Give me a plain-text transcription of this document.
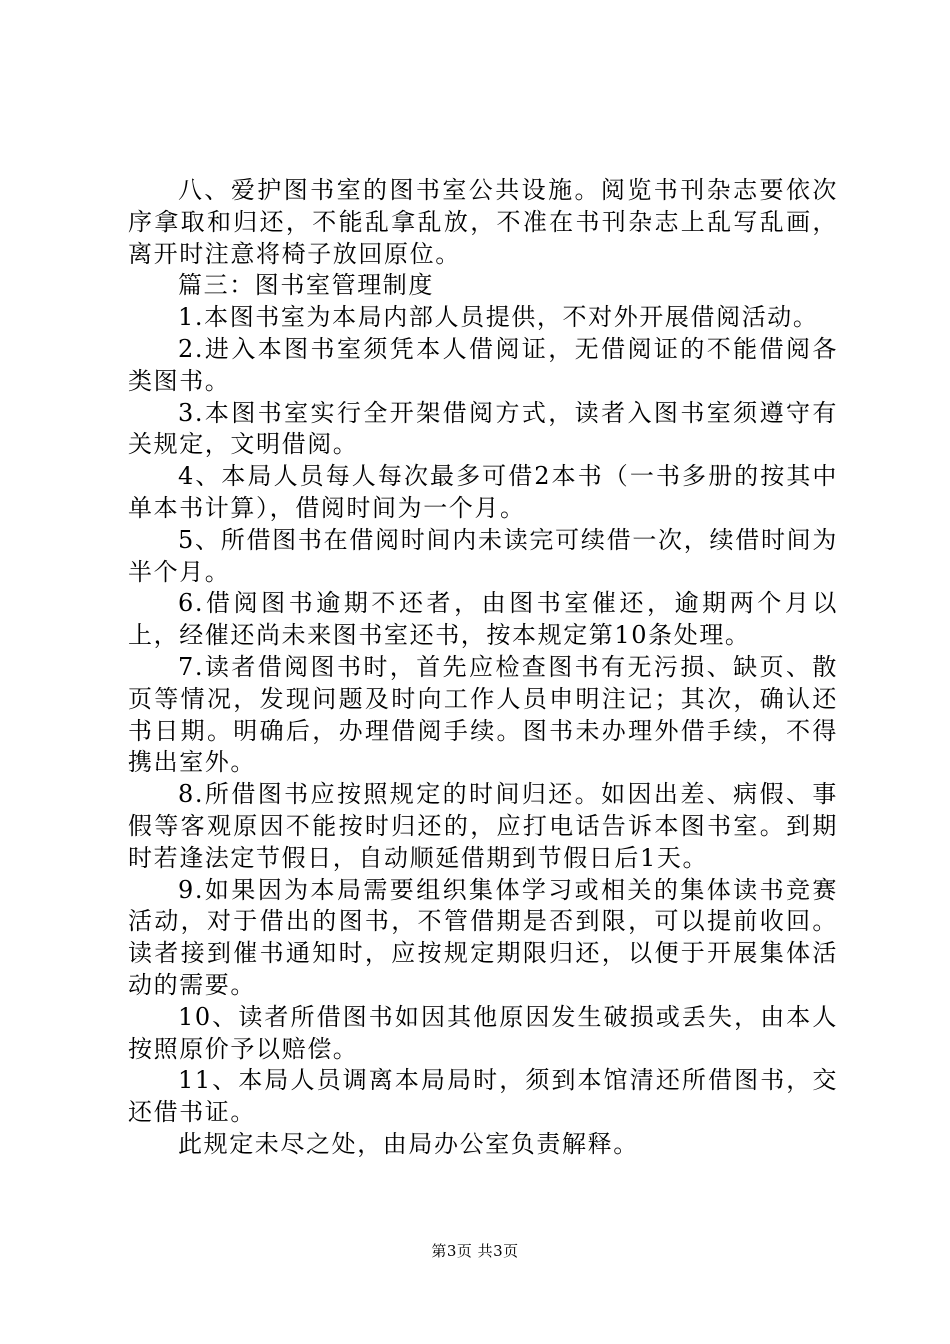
八、爱护图书室的图书室公共设施。阅览书刊杂志要依次序拿取和归还，不能乱拿乱放，不准在书刊杂志上乱写乱画，离开时注意将椅子放回原位。

篇三：图书室管理制度

1.本图书室为本局内部人员提供，不对外开展借阅活动。

2.进入本图书室须凭本人借阅证，无借阅证的不能借阅各类图书。

3.本图书室实行全开架借阅方式，读者入图书室须遵守有关规定，文明借阅。

4、本局人员每人每次最多可借2本书（一书多册的按其中单本书计算），借阅时间为一个月。

5、所借图书在借阅时间内未读完可续借一次，续借时间为半个月。

6.借阅图书逾期不还者，由图书室催还，逾期两个月以上，经催还尚未来图书室还书，按本规定第10条处理。

7.读者借阅图书时，首先应检查图书有无污损、缺页、散页等情况，发现问题及时向工作人员申明注记；其次，确认还书日期。明确后，办理借阅手续。图书未办理外借手续，不得携出室外。

8.所借图书应按照规定的时间归还。如因出差、病假、事假等客观原因不能按时归还的，应打电话告诉本图书室。到期时若逢法定节假日，自动顺延借期到节假日后1天。

9.如果因为本局需要组织集体学习或相关的集体读书竞赛活动，对于借出的图书，不管借期是否到限，可以提前收回。读者接到催书通知时，应按规定期限归还，以便于开展集体活动的需要。

10、读者所借图书如因其他原因发生破损或丢失，由本人按照原价予以赔偿。

11、本局人员调离本局局时，须到本馆清还所借图书，交还借书证。

此规定未尽之处，由局办公室负责解释。

第3页 共3页
